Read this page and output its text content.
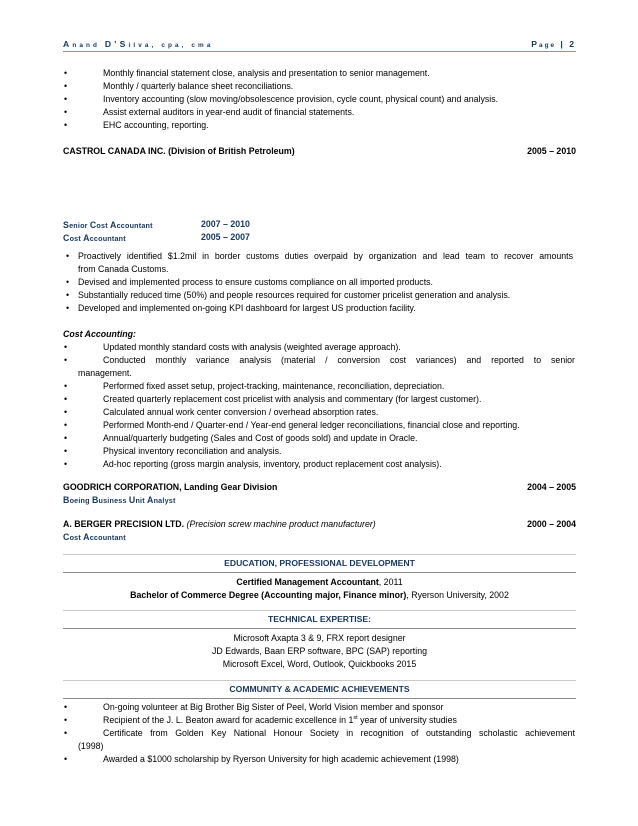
Anand D’Silva, cpa, cma	Page | 2
•	Monthly financial statement close, analysis and presentation to senior management.
•	Monthly / quarterly balance sheet reconciliations.
•	Inventory accounting (slow moving/obsolescence provision, cycle count, physical count) and analysis.
•	Assist external auditors in year-end audit of financial statements.
•	EHC accounting, reporting.
CASTROL CANADA INC. (Division of British Petroleum)	2005 – 2010
Senior Cost Accountant	2007 – 2010
Cost Accountant	2005 – 2007
• Proactively identified $1.2mil in border customs duties overpaid by organization and lead team to recover amounts
from Canada Customs.
• Devised and implemented process to ensure customs compliance on all imported products.
• Substantially reduced time (50%) and people resources required for customer pricelist generation and analysis.
• Developed and implemented on-going KPI dashboard for largest US production facility.
Cost Accounting:
•	Updated monthly standard costs with analysis (weighted average approach).
•	Conducted monthly variance analysis (material / conversion cost variances) and reported to senior
management.
•	Performed fixed asset setup, project-tracking, maintenance, reconciliation, depreciation.
•	Created quarterly replacement cost pricelist with analysis and commentary (for largest customer).
•	Calculated annual work center conversion / overhead absorption rates.
•	Performed Month-end / Quarter-end / Year-end general ledger reconciliations, financial close and reporting.
•	Annual/quarterly budgeting (Sales and Cost of goods sold) and update in Oracle.
•	Physical inventory reconciliation and analysis.
•	Ad-hoc reporting (gross margin analysis, inventory, product replacement cost analysis).
GOODRICH CORPORATION, Landing Gear Division	2004 – 2005
Boeing Business Unit Analyst
A. BERGER PRECISION LTD. (Precision screw machine product manufacturer)	2000 – 2004
Cost Accountant
EDUCATION, PROFESSIONAL DEVELOPMENT
Certified Management Accountant, 2011
Bachelor of Commerce Degree (Accounting major, Finance minor), Ryerson University, 2002
TECHNICAL EXPERTISE:
Microsoft Axapta 3 & 9, FRX report designer
JD Edwards, Baan ERP software, BPC (SAP) reporting
Microsoft Excel, Word, Outlook, Quickbooks 2015
COMMUNITY & ACADEMIC ACHIEVEMENTS
•	On-going volunteer at Big Brother Big Sister of Peel, World Vision member and sponsor
•	Recipient of the J. L. Beaton award for academic excellence in 1st year of university studies
•	Certificate from Golden Key National Honour Society in recognition of outstanding scholastic achievement
(1998)
•	Awarded a $1000 scholarship by Ryerson University for high academic achievement (1998)
